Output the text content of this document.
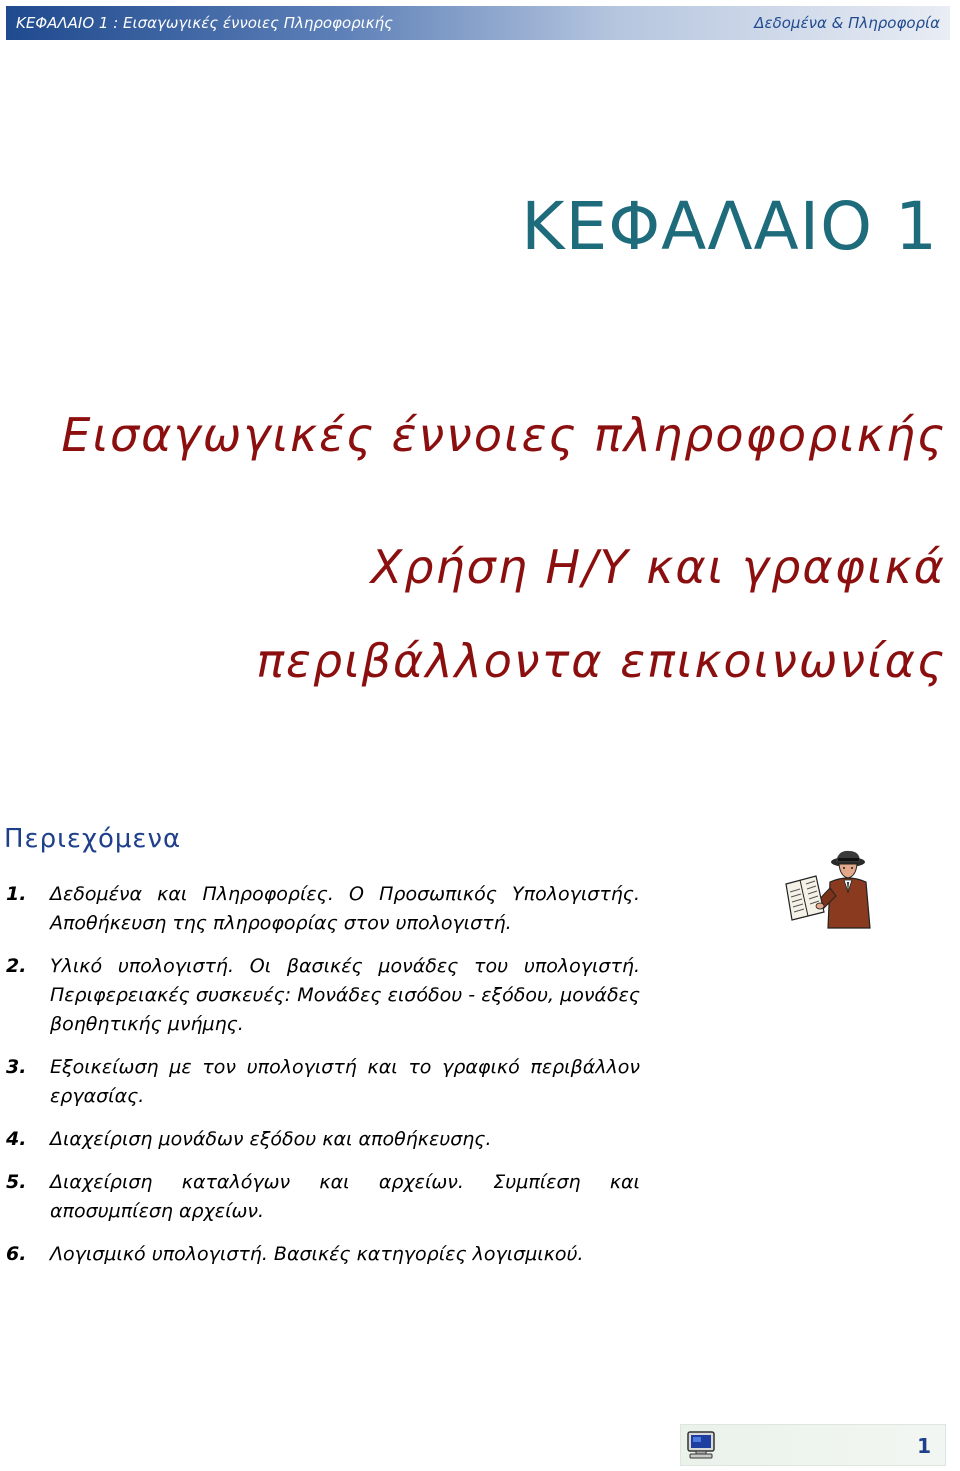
ΚΕΦΑΛΑΙΟ 1 : Εισαγωγικές έννοιες Πληροφορικής	Δεδομένα & Πληροφορία
ΚΕΦΑΛΑΙΟ 1
Εισαγωγικές έννοιες πληροφορικής
Χρήση Η/Υ και γραφικά
περιβάλλοντα επικοινωνίας
Περιεχόμενα
1. Δεδομένα και Πληροφορίες. Ο Προσωπικός Υπολογιστής. Αποθήκευση της πληροφορίας στον υπολογιστή.
2. Υλικό υπολογιστή. Οι βασικές μονάδες του υπολογιστή. Περιφερειακές συσκευές: Μονάδες εισόδου - εξόδου, μονάδες βοηθητικής μνήμης.
3. Εξοικείωση με τον υπολογιστή και το γραφικό περιβάλλον εργασίας.
4. Διαχείριση μονάδων εξόδου και αποθήκευσης.
5. Διαχείριση καταλόγων και αρχείων. Συμπίεση και αποσυμπίεση αρχείων.
6. Λογισμικό υπολογιστή. Βασικές κατηγορίες λογισμικού.
1
